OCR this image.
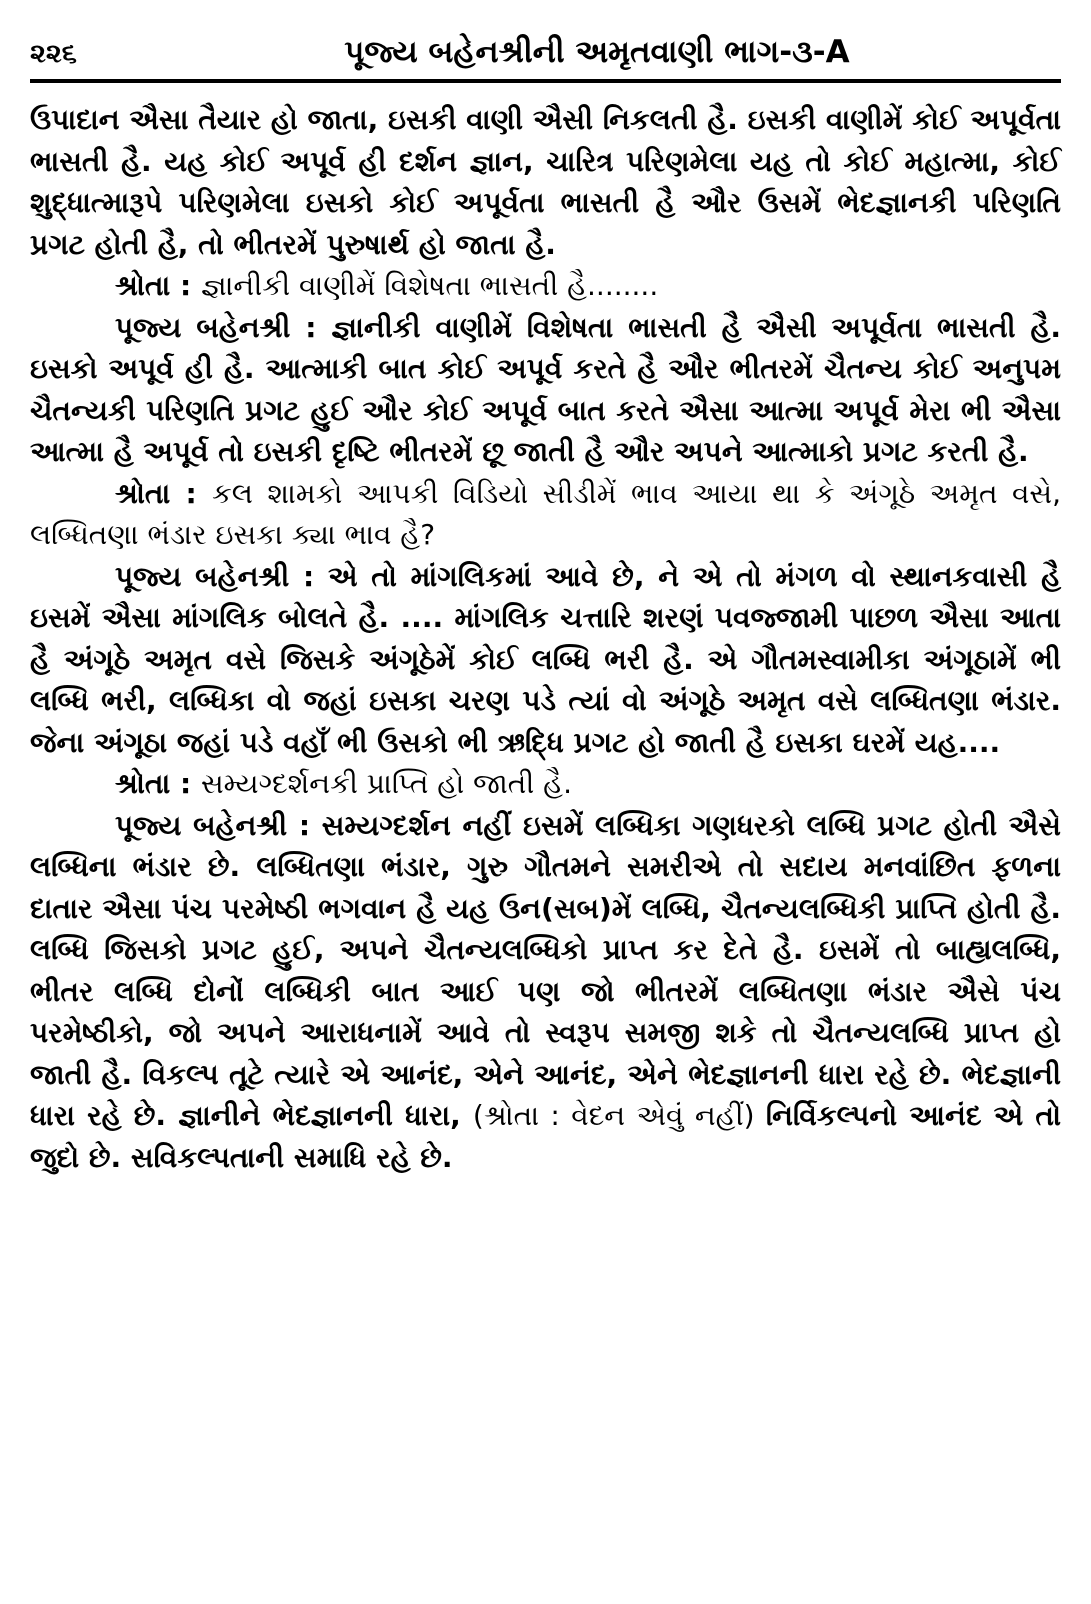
૨૨૬	પૂજ્ય બહેનશ્રીની અમૃતવાણી ભાગ-૩-A

ઉપાદાન ઐસા તૈયાર હો જાતા, ઇસકી વાણી ઐસી નિકલતી હૈ. ઇસકી વાણીમેં કોઈ અપૂર્વતા ભાસતી હૈ. યહ કોઈ અપૂર્વ હી દર્શન જ્ઞાન, ચારિત્ર પરિણમેલા યહ તો કોઈ મહાત્મા, કોઈ શુદ્ધાત્મારૂપે પરિણમેલા ઇસકો કોઈ અપૂર્વતા ભાસતી હૈ ઔર ઉસમેં ભેદજ્ઞાનકી પરિણતિ પ્રગટ હોતી હૈ, તો ભીતરમેં પુરુષાર્થ હો જાતા હૈ.

શ્રોતા : જ્ઞાનીકી વાણીમેં વિશેષતા ભાસતી હૈ........

પૂજ્ય બહેનશ્રી : જ્ઞાનીકી વાણીમેં વિશેષતા ભાસતી હૈ ઐસી અપૂર્વતા ભાસતી હૈ. ઇસકો અપૂર્વ હી હૈ. આત્માકી બાત કોઈ અપૂર્વ કરતે હૈ ઔર ભીતરમેં ચૈતન્ય કોઈ અનુપમ ચૈતન્યકી પરિણતિ પ્રગટ હુઈ ઔર કોઈ અપૂર્વ બાત કરતે ઐસા આત્મા અપૂર્વ મેરા ભી ઐસા આત્મા હૈ અપૂર્વ તો ઇસકી દૃષ્ટિ ભીતરમેં છૂ જાતી હૈ ઔર અપને આત્માકો પ્રગટ કરતી હૈ.

શ્રોતા : કલ શામકો આપકી વિડિયો સીડીમેં ભાવ આયા થા કે અંગૂઠે અમૃત વસે, લબ્ધિતણા ભંડાર ઇસકા ક્યા ભાવ હૈ?

પૂજ્ય બહેનશ્રી : એ તો માંગલિકમાં આવે છે, ને એ તો મંગળ વો સ્થાનકવાસી હૈ ઇસમેં ઐસા માંગલિક બોલતે હૈ. .... માંગલિક ચત્તારિ શરણં પવજ્જામી પાછળ ઐસા આતા હૈ અંગૂઠે અમૃત વસે જિસકે અંગૂઠેમેં કોઈ લબ્ધિ ભરી હૈ. એ ગૌતમસ્વામીકા અંગૂઠામેં ભી લબ્ધિ ભરી, લબ્ધિકા વો જહાં ઇસકા ચરણ પડે ત્યાં વો અંગૂઠે અમૃત વસે લબ્ધિતણા ભંડાર. જેના અંગૂઠા જહાં પડે વહાઁ ભી ઉસકો ભી ઋદ્ધિ પ્રગટ હો જાતી હૈ ઇસકા ઘરમેં યહ....

શ્રોતા : સમ્યગ્દર્શનકી પ્રાપ્તિ હો જાતી હૈ.

પૂજ્ય બહેનશ્રી : સમ્યગ્દર્શન નહીં ઇસમેં લબ્ધિકા ગણધરકો લબ્ધિ પ્રગટ હોતી ઐસે લબ્ધિના ભંડાર છે. લબ્ધિતણા ભંડાર, ગુરુ ગૌતમને સમરીએ તો સદાય મનવાંછિત ફળના દાતાર ઐસા પંચ પરમેષ્ઠી ભગવાન હૈ યહ ઉન(સબ)મેં લબ્ધિ, ચૈતન્યલબ્ધિકી પ્રાપ્તિ હોતી હૈ. લબ્ધિ જિસકો પ્રગટ હુઈ, અપને ચૈતન્યલબ્ધિકો પ્રાપ્ત કર દેતે હૈ. ઇસમેં તો બાહ્યલબ્ધિ, ભીતર લબ્ધિ દોનોં લબ્ધિકી બાત આઈ પણ જો ભીતરમેં લબ્ધિતણા ભંડાર ઐસે પંચ પરમેષ્ઠીકો, જો અપને આરાધનામેં આવે તો સ્વરૂપ સમજી શકે તો ચૈતન્યલબ્ધિ પ્રાપ્ત હો જાતી હૈ. વિકલ્પ તૂટે ત્યારે એ આનંદ, એને આનંદ, એને ભેદજ્ઞાનની ધારા રહે છે. ભેદજ્ઞાની ધારા રહે છે. જ્ઞાનીને ભેદજ્ઞાનની ધારા, (શ્રોતા : વેદન એવું નહીં) નિર્વિકલ્પનો આનંદ એ તો જુદો છે. સવિકલ્પતાની સમાધિ રહે છે.
